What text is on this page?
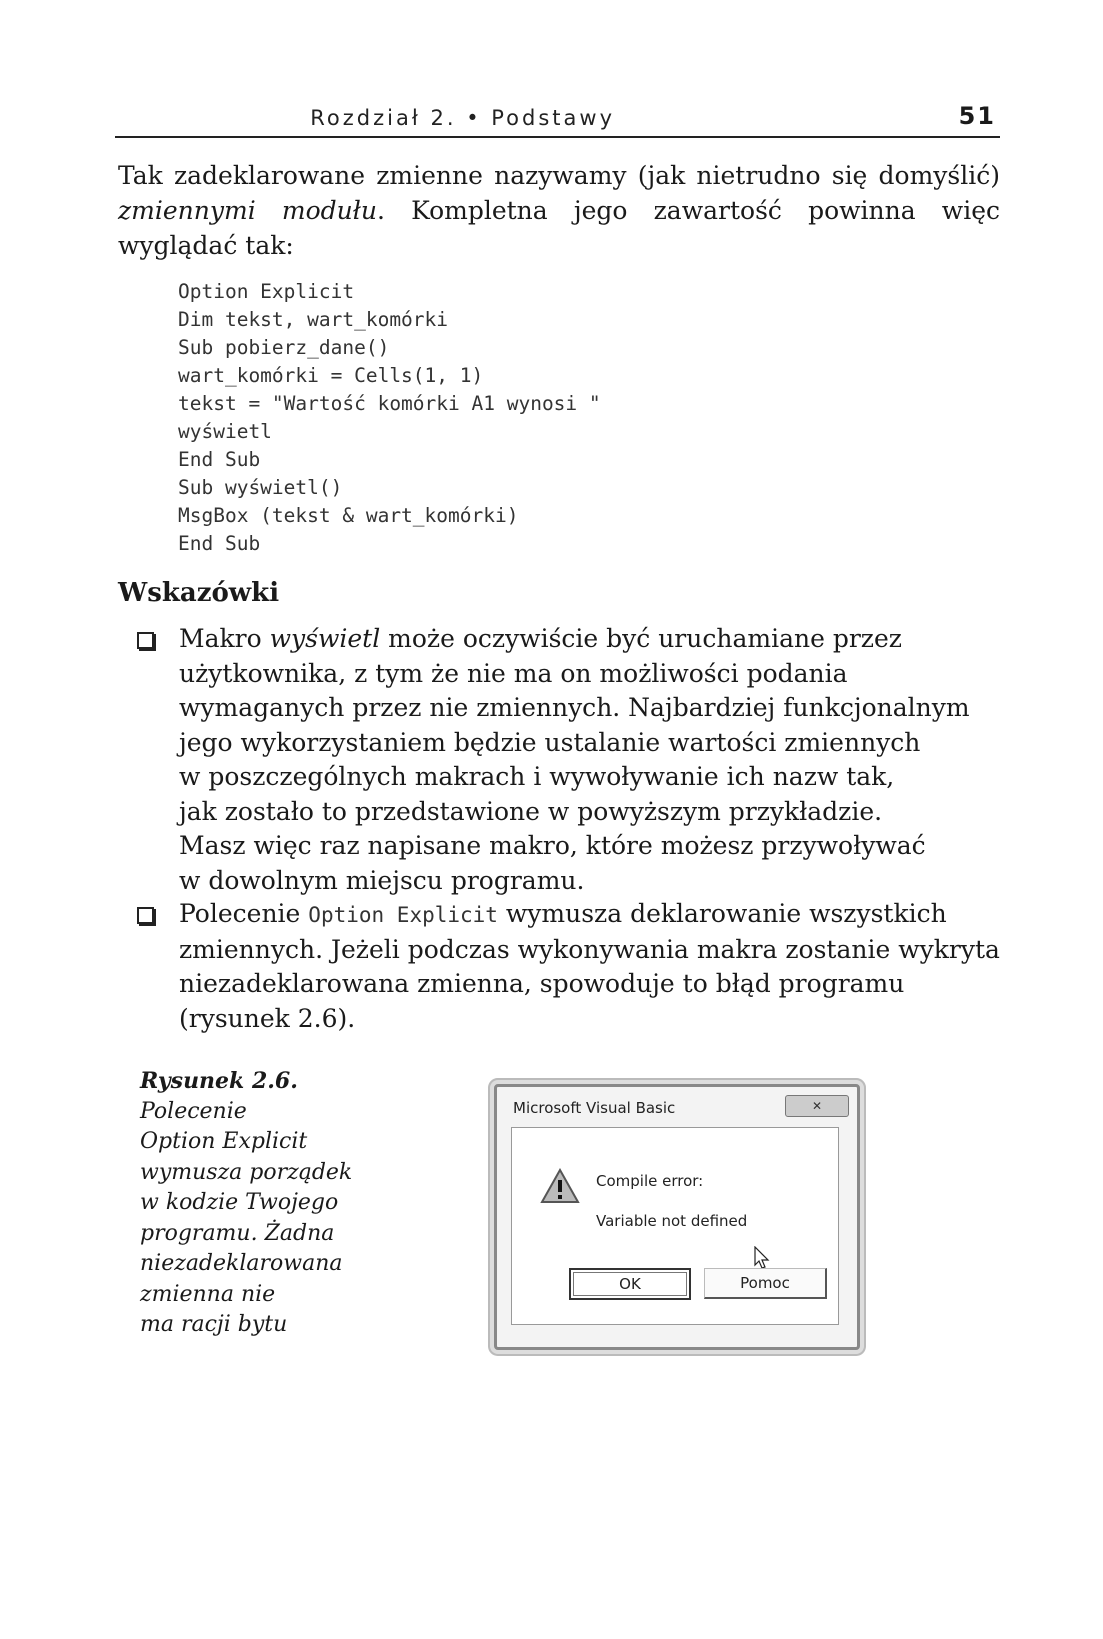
Rozdział 2. • Podstawy	51

Tak zadeklarowane zmienne nazywamy (jak nietrudno się domyślić) zmiennymi modułu. Kompletna jego zawartość powinna więc wyglądać tak:

Option Explicit
Dim tekst, wart_komórki
Sub pobierz_dane()
wart_komórki = Cells(1, 1)
tekst = "Wartość komórki A1 wynosi "
wyświetl
End Sub
Sub wyświetl()
MsgBox (tekst & wart_komórki)
End Sub
Wskazówki
Makro wyświetl może oczywiście być uruchamiane przez
użytkownika, z tym że nie ma on możliwości podania
wymaganych przez nie zmiennych. Najbardziej funkcjonalnym
jego wykorzystaniem będzie ustalanie wartości zmiennych
w poszczególnych makrach i wywoływanie ich nazw tak,
jak zostało to przedstawione w powyższym przykładzie.
Masz więc raz napisane makro, które możesz przywoływać
w dowolnym miejscu programu.
Polecenie Option Explicit wymusza deklarowanie wszystkich
zmiennych. Jeżeli podczas wykonywania makra zostanie wykryta
niezadeklarowana zmienna, spowoduje to błąd programu
(rysunek 2.6).
Rysunek 2.6.
Polecenie
Option Explicit
wymusza porządek
w kodzie Twojego
programu. Żadna
niezadeklarowana
zmienna nie
ma racji bytu
Microsoft Visual Basic	✕
Compile error:
Variable not defined
OK	Pomoc
